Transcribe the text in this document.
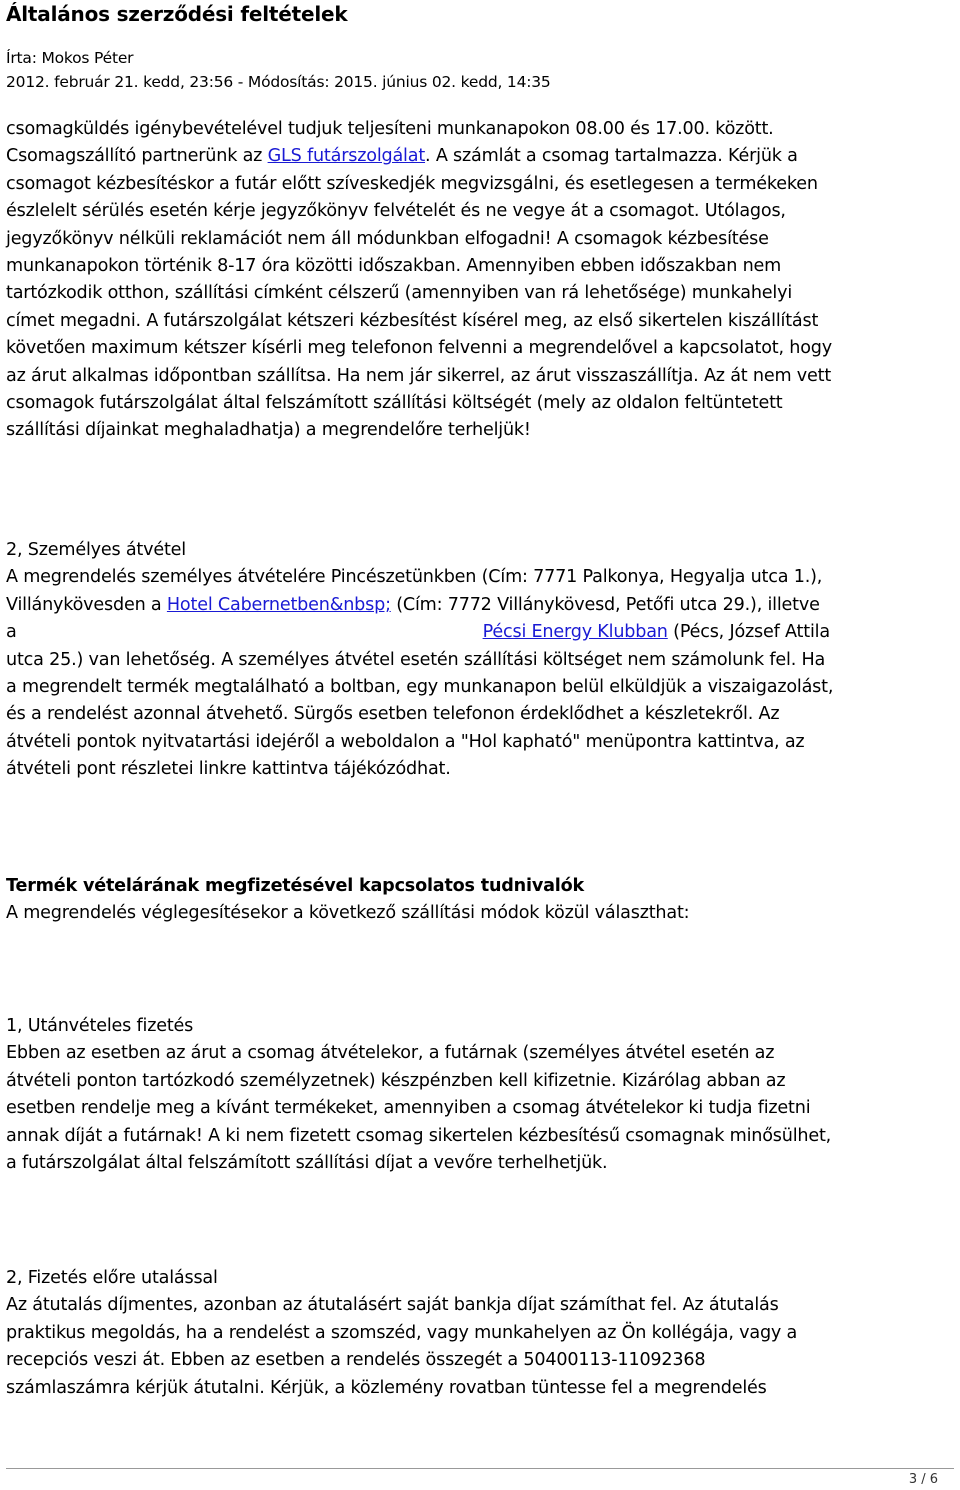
Általános szerződési feltételek
Írta: Mokos Péter
2012. február 21. kedd, 23:56 - Módosítás: 2015. június 02. kedd, 14:35
csomagküldés igénybevételével tudjuk teljesíteni munkanapokon 08.00 és 17.00. között.
Csomagszállító partnerünk az GLS futárszolgálat. A számlát a csomag tartalmazza. Kérjük a
csomagot kézbesítéskor a futár előtt szíveskedjék megvizsgálni, és esetlegesen a termékeken
észlelelt sérülés esetén kérje jegyzőkönyv felvételét és ne vegye át a csomagot. Utólagos,
jegyzőkönyv nélküli reklamációt nem áll módunkban elfogadni! A csomagok kézbesítése
munkanapokon történik 8-17 óra közötti időszakban. Amennyiben ebben időszakban nem
tartózkodik otthon, szállítási címként célszerű (amennyiben van rá lehetősége) munkahelyi
címet megadni. A futárszolgálat kétszeri kézbesítést kísérel meg, az első sikertelen kiszállítást
követően maximum kétszer kísérli meg telefonon felvenni a megrendelővel a kapcsolatot, hogy
az árut alkalmas időpontban szállítsa. Ha nem jár sikerrel, az árut visszaszállítja. Az át nem vett
csomagok futárszolgálat által felszámított szállítási költségét (mely az oldalon feltüntetett
szállítási díjainkat meghaladhatja) a megrendelőre terheljük!
2, Személyes átvétel
A megrendelés személyes átvételére Pincészetünkben (Cím: 7771 Palkonya, Hegyalja utca 1.),
Villánykövesden a Hotel Cabernetben&nbsp; (Cím: 7772 Villánykövesd, Petőfi utca 29.), illetve
a	Pécsi Energy Klubban (Pécs, József Attila
utca 25.) van lehetőség. A személyes átvétel esetén szállítási költséget nem számolunk fel. Ha
a megrendelt termék megtalálható a boltban, egy munkanapon belül elküldjük a viszaigazolást,
és a rendelést azonnal átvehető. Sürgős esetben telefonon érdeklődhet a készletekről. Az
átvételi pontok nyitvatartási idejéről a weboldalon a "Hol kapható" menüpontra kattintva, az
átvételi pont részletei linkre kattintva tájékózódhat.
Termék vételárának megfizetésével kapcsolatos tudnivalók
A megrendelés véglegesítésekor a következő szállítási módok közül választhat:
1, Utánvételes fizetés
Ebben az esetben az árut a csomag átvételekor, a futárnak (személyes átvétel esetén az
átvételi ponton tartózkodó személyzetnek) készpénzben kell kifizetnie. Kizárólag abban az
esetben rendelje meg a kívánt termékeket, amennyiben a csomag átvételekor ki tudja fizetni
annak díját a futárnak! A ki nem fizetett csomag sikertelen kézbesítésű csomagnak minősülhet,
a futárszolgálat által felszámított szállítási díjat a vevőre terhelhetjük.
2, Fizetés előre utalással
Az átutalás díjmentes, azonban az átutalásért saját bankja díjat számíthat fel. Az átutalás
praktikus megoldás, ha a rendelést a szomszéd, vagy munkahelyen az Ön kollégája, vagy a
recepciós veszi át. Ebben az esetben a rendelés összegét a 50400113-11092368
számlaszámra kérjük átutalni. Kérjük, a közlemény rovatban tüntesse fel a megrendelés
3 / 6
